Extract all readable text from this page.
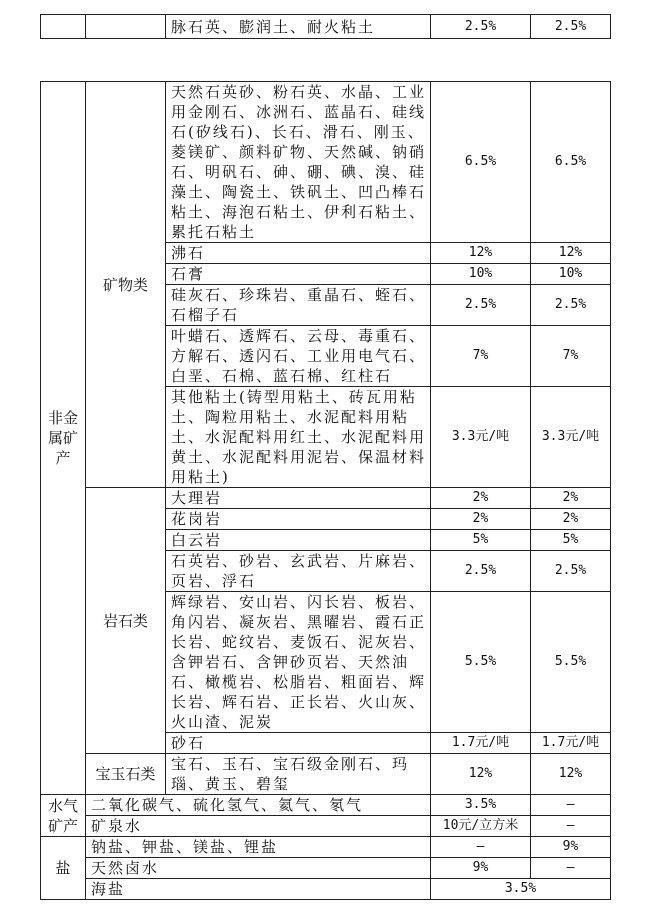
		脉石英、膨润土、耐火粘土	2.5%	2.5%
非金属矿产	矿物类	天然石英砂、粉石英、水晶、工业用金刚石、冰洲石、蓝晶石、硅线石(矽线石)、长石、滑石、刚玉、菱镁矿、颜料矿物、天然碱、钠硝石、明矾石、砷、硼、碘、溴、硅藻土、陶瓷土、铁矾土、凹凸棒石粘土、海泡石粘土、伊利石粘土、累托石粘土	6.5%	6.5%
		沸石	12%	12%
		石膏	10%	10%
		硅灰石、珍珠岩、重晶石、蛭石、石榴子石	2.5%	2.5%
		叶蜡石、透辉石、云母、毒重石、方解石、透闪石、工业用电气石、白垩、石棉、蓝石棉、红柱石	7%	7%
		其他粘土(铸型用粘土、砖瓦用粘土、陶粒用粘土、水泥配料用粘土、水泥配料用红土、水泥配料用黄土、水泥配料用泥岩、保温材料用粘土)	3.3元/吨	3.3元/吨
	岩石类	大理岩	2%	2%
		花岗岩	2%	2%
		白云岩	5%	5%
		石英岩、砂岩、玄武岩、片麻岩、页岩、浮石	2.5%	2.5%
		辉绿岩、安山岩、闪长岩、板岩、角闪岩、凝灰岩、黑曜岩、霞石正长岩、蛇纹岩、麦饭石、泥灰岩、含钾岩石、含钾砂页岩、天然油石、橄榄岩、松脂岩、粗面岩、辉长岩、辉石岩、正长岩、火山灰、火山渣、泥炭	5.5%	5.5%
		砂石	1.7元/吨	1.7元/吨
	宝玉石类	宝石、玉石、宝石级金刚石、玛瑙、黄玉、碧玺	12%	12%
水气矿产	二氧化碳气、硫化氢气、氦气、氡气		3.5%	—
	矿泉水		10元/立方米	—
盐	钠盐、钾盐、镁盐、锂盐		—	9%
	天然卤水		9%	—
	海盐		3.5%	
